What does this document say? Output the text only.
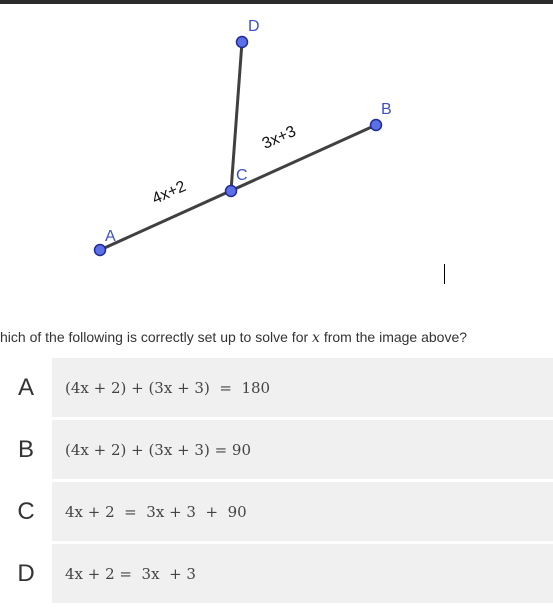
4x+2
3x+3
A
B
C
D
hich of the following is correctly set up to solve for x from the image above?
A	(4x + 2) + (3x + 3)  =  180
B	(4x + 2) + (3x + 3) = 90
C	4x + 2  =  3x + 3  +  90
D	4x + 2 =  3x  + 3
